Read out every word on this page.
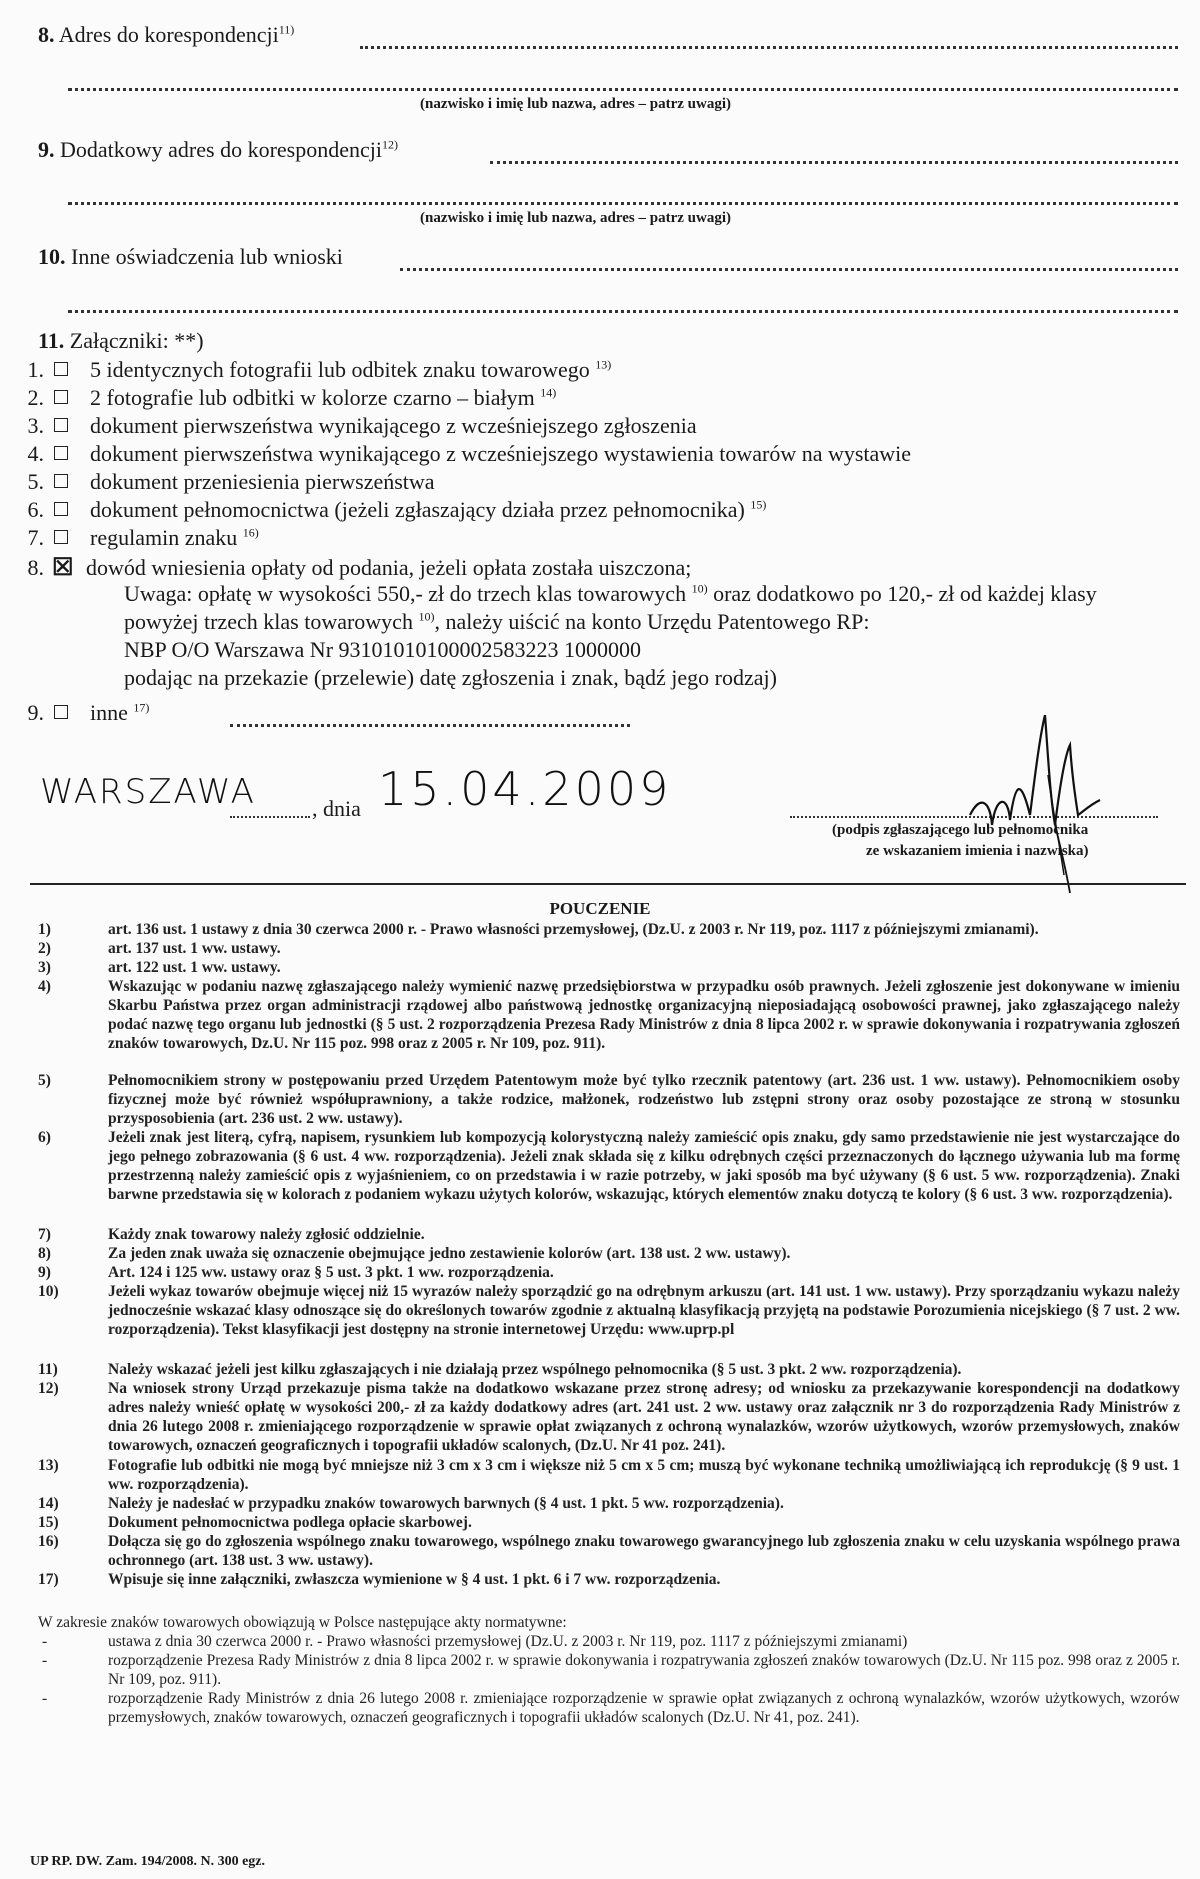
8. Adres do korespondencji$^{11)}$
(nazwisko i imię lub nazwa, adres – patrz uwagi)
9. Dodatkowy adres do korespondencji$^{12)}$
(nazwisko i imię lub nazwa, adres – patrz uwagi)
10. Inne oświadczenia lub wnioski
11. Załączniki: **)
1. 5 identycznych fotografii lub odbitek znaku towarowego $^{13)}$
2. 2 fotografie lub odbitki w kolorze czarno – białym $^{14)}$
3. dokument pierwszeństwa wynikającego z wcześniejszego zgłoszenia
4. dokument pierwszeństwa wynikającego z wcześniejszego wystawienia towarów na wystawie
5. dokument przeniesienia pierwszeństwa
6. dokument pełnomocnictwa (jeżeli zgłaszający działa przez pełnomocnika) $^{15)}$
7. regulamin znaku $^{16)}$
8. ☒ dowód wniesienia opłaty od podania, jeżeli opłata została uiszczona;
Uwaga: opłatę w wysokości 550,- zł do trzech klas towarowych $^{10)}$ oraz dodatkowo po 120,- zł od każdej klasy
powyżej trzech klas towarowych $^{10)}$, należy uiścić na konto Urzędu Patentowego RP:
NBP O/O Warszawa Nr 93101010100002583223 1000000
podając na przekazie (przelewie) datę zgłoszenia i znak, bądź jego rodzaj)
9. inne $^{17)}$
WARSZAWA	, dnia 15.04.2009
(podpis zgłaszającego lub pełnomocnika
ze wskazaniem imienia i nazwiska)
POUCZENIE
1)	art. 136 ust. 1 ustawy z dnia 30 czerwca 2000 r. - Prawo własności przemysłowej, (Dz.U. z 2003 r. Nr 119, poz. 1117 z późniejszymi zmianami).
2)	art. 137 ust. 1 ww. ustawy.
3)	art. 122 ust. 1 ww. ustawy.
4)	Wskazując w podaniu nazwę zgłaszającego należy wymienić nazwę przedsiębiorstwa w przypadku osób prawnych. Jeżeli zgłoszenie jest dokonywane w imieniu Skarbu Państwa przez organ administracji rządowej albo państwową jednostkę organizacyjną nieposiadającą osobowości prawnej, jako zgłaszającego należy podać nazwę tego organu lub jednostki (§ 5 ust. 2 rozporządzenia Prezesa Rady Ministrów z dnia 8 lipca 2002 r. w sprawie dokonywania i rozpatrywania zgłoszeń znaków towarowych, Dz.U. Nr 115 poz. 998 oraz z 2005 r. Nr 109, poz. 911).
5)	Pełnomocnikiem strony w postępowaniu przed Urzędem Patentowym może być tylko rzecznik patentowy (art. 236 ust. 1 ww. ustawy). Pełnomocnikiem osoby fizycznej może być również współuprawniony, a także rodzice, małżonek, rodzeństwo lub zstępni strony oraz osoby pozostające ze stroną w stosunku przysposobienia (art. 236 ust. 2 ww. ustawy).
6)	Jeżeli znak jest literą, cyfrą, napisem, rysunkiem lub kompozycją kolorystyczną należy zamieścić opis znaku, gdy samo przedstawienie nie jest wystarczające do jego pełnego zobrazowania (§ 6 ust. 4 ww. rozporządzenia). Jeżeli znak składa się z kilku odrębnych części przeznaczonych do łącznego używania lub ma formę przestrzenną należy zamieścić opis z wyjaśnieniem, co on przedstawia i w razie potrzeby, w jaki sposób ma być używany (§ 6 ust. 5 ww. rozporządzenia). Znaki barwne przedstawia się w kolorach z podaniem wykazu użytych kolorów, wskazując, których elementów znaku dotyczą te kolory (§ 6 ust. 3 ww. rozporządzenia).
7)	Każdy znak towarowy należy zgłosić oddzielnie.
8)	Za jeden znak uważa się oznaczenie obejmujące jedno zestawienie kolorów (art. 138 ust. 2 ww. ustawy).
9)	Art. 124 i 125 ww. ustawy oraz § 5 ust. 3 pkt. 1 ww. rozporządzenia.
10)	Jeżeli wykaz towarów obejmuje więcej niż 15 wyrazów należy sporządzić go na odrębnym arkuszu (art. 141 ust. 1 ww. ustawy). Przy sporządzaniu wykazu należy jednocześnie wskazać klasy odnoszące się do określonych towarów zgodnie z aktualną klasyfikacją przyjętą na podstawie Porozumienia nicejskiego (§ 7 ust. 2 ww. rozporządzenia). Tekst klasyfikacji jest dostępny na stronie internetowej Urzędu: www.uprp.pl
11)	Należy wskazać jeżeli jest kilku zgłaszających i nie działają przez wspólnego pełnomocnika (§ 5 ust. 3 pkt. 2 ww. rozporządzenia).
12)	Na wniosek strony Urząd przekazuje pisma także na dodatkowo wskazane przez stronę adresy; od wniosku za przekazywanie korespondencji na dodatkowy adres należy wnieść opłatę w wysokości 200,- zł za każdy dodatkowy adres (art. 241 ust. 2 ww. ustawy oraz załącznik nr 3 do rozporządzenia Rady Ministrów z dnia 26 lutego 2008 r. zmieniającego rozporządzenie w sprawie opłat związanych z ochroną wynalazków, wzorów użytkowych, wzorów przemysłowych, znaków towarowych, oznaczeń geograficznych i topografii układów scalonych, (Dz.U. Nr 41 poz. 241).
13)	Fotografie lub odbitki nie mogą być mniejsze niż 3 cm x 3 cm i większe niż 5 cm x 5 cm; muszą być wykonane techniką umożliwiającą ich reprodukcję (§ 9 ust. 1 ww. rozporządzenia).
14)	Należy je nadesłać w przypadku znaków towarowych barwnych (§ 4 ust. 1 pkt. 5 ww. rozporządzenia).
15)	Dokument pełnomocnictwa podlega opłacie skarbowej.
16)	Dołącza się go do zgłoszenia wspólnego znaku towarowego, wspólnego znaku towarowego gwarancyjnego lub zgłoszenia znaku w celu uzyskania wspólnego prawa ochronnego (art. 138 ust. 3 ww. ustawy).
17)	Wpisuje się inne załączniki, zwłaszcza wymienione w § 4 ust. 1 pkt. 6 i 7 ww. rozporządzenia.
W zakresie znaków towarowych obowiązują w Polsce następujące akty normatywne:
-	ustawa z dnia 30 czerwca 2000 r. - Prawo własności przemysłowej (Dz.U. z 2003 r. Nr 119, poz. 1117 z późniejszymi zmianami)
-	rozporządzenie Prezesa Rady Ministrów z dnia 8 lipca 2002 r. w sprawie dokonywania i rozpatrywania zgłoszeń znaków towarowych (Dz.U. Nr 115 poz. 998 oraz z 2005 r. Nr 109, poz. 911).
-	rozporządzenie Rady Ministrów z dnia 26 lutego 2008 r. zmieniające rozporządzenie w sprawie opłat związanych z ochroną wynalazków, wzorów użytkowych, wzorów przemysłowych, znaków towarowych, oznaczeń geograficznych i topografii układów scalonych (Dz.U. Nr 41, poz. 241).
UP RP. DW. Zam. 194/2008. N. 300 egz.
